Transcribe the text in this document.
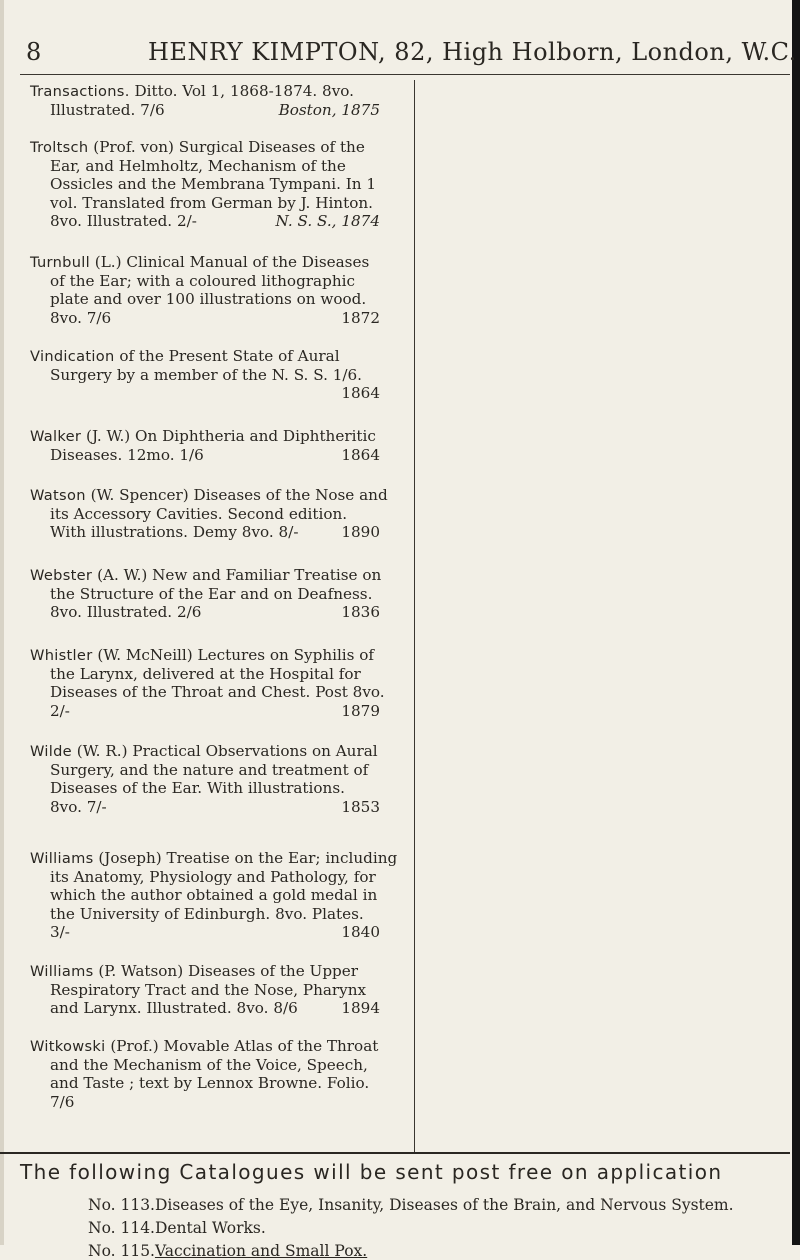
8	HENRY KIMPTON, 82, High Holborn, London, W.C.
Transactions. Ditto. Vol 1, 1868-1874. 8vo.
Illustrated. 7/6	Boston, 1875
Troltsch (Prof. von) Surgical Diseases of the
Ear, and Helmholtz, Mechanism of the
Ossicles and the Membrana Tympani. In 1
vol. Translated from German by J. Hinton.
8vo. Illustrated. 2/-	N. S. S., 1874
Turnbull (L.) Clinical Manual of the Diseases
of the Ear; with a coloured lithographic
plate and over 100 illustrations on wood.
8vo. 7/6	1872
Vindication of the Present State of Aural
Surgery by a member of the N. S. S. 1/6.
1864
Walker (J. W.) On Diphtheria and Diphtheritic
Diseases. 12mo. 1/6	1864
Watson (W. Spencer) Diseases of the Nose and
its Accessory Cavities. Second edition.
With illustrations. Demy 8vo. 8/-	1890
Webster (A. W.) New and Familiar Treatise on
the Structure of the Ear and on Deafness.
8vo. Illustrated. 2/6	1836
Whistler (W. McNeill) Lectures on Syphilis of
the Larynx, delivered at the Hospital for
Diseases of the Throat and Chest. Post 8vo.
2/-	1879
Wilde (W. R.) Practical Observations on Aural
Surgery, and the nature and treatment of
Diseases of the Ear. With illustrations.
8vo. 7/-	1853
Williams (Joseph) Treatise on the Ear; including
its Anatomy, Physiology and Pathology, for
which the author obtained a gold medal in
the University of Edinburgh. 8vo. Plates.
3/-	1840
Williams (P. Watson) Diseases of the Upper
Respiratory Tract and the Nose, Pharynx
and Larynx. Illustrated. 8vo. 8/6	1894
Witkowski (Prof.) Movable Atlas of the Throat
and the Mechanism of the Voice, Speech,
and Taste ; text by Lennox Browne. Folio.
7/6
The following Catalogues will be sent post free on application
No. 113. Diseases of the Eye, Insanity, Diseases of the Brain, and Nervous System.
No. 114. Dental Works.
No. 115. Vaccination and Small Pox.
